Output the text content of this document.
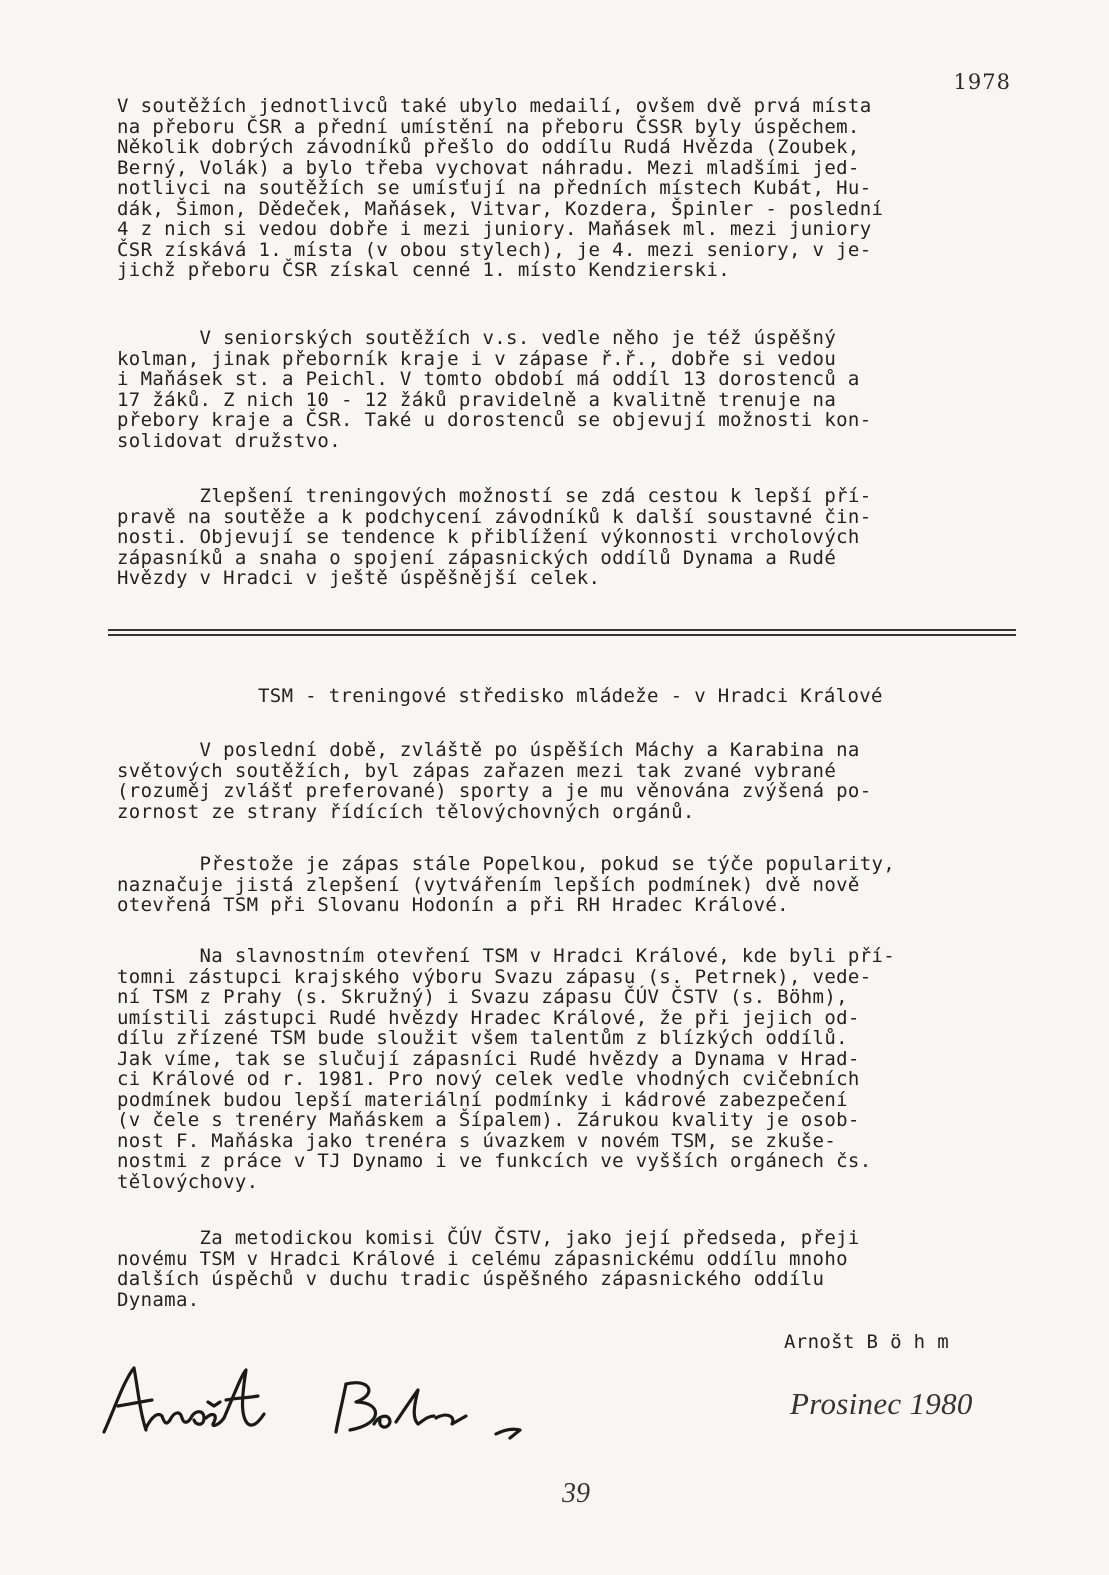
1978
V soutěžích jednotlivců také ubylo medailí, ovšem dvě prvá místa
na přeboru ČSR a přední umístění na přeboru ČSSR byly úspěchem.
Několik dobrých závodníků přešlo do oddílu Rudá Hvězda (Zoubek,
Berný, Volák) a bylo třeba vychovat náhradu. Mezi mladšími jed-
notlivci na soutěžích se umísťují na předních místech Kubát, Hu-
dák, Šimon, Dědeček, Maňásek, Vitvar, Kozdera, Špinler - poslední
4 z nich si vedou dobře i mezi juniory. Maňásek ml. mezi juniory
ČSR získává 1. místa (v obou stylech), je 4. mezi seniory, v je-
jichž přeboru ČSR získal cenné 1. místo Kendzierski.
V seniorských soutěžích v.s. vedle něho je též úspěšný
kolman, jinak přeborník kraje i v zápase ř.ř., dobře si vedou
i Maňásek st. a Peichl. V tomto období má oddíl 13 dorostenců a
17 žáků. Z nich 10 - 12 žáků pravidelně a kvalitně trenuje na
přebory kraje a ČSR. Také u dorostenců se objevují možnosti kon-
solidovat družstvo.
Zlepšení treningových možností se zdá cestou k lepší pří-
pravě na soutěže a k podchycení závodníků k další soustavné čin-
nosti. Objevují se tendence k přiblížení výkonnosti vrcholových
zápasníků a snaha o spojení zápasnických oddílů Dynama a Rudé
Hvězdy v Hradci v ještě úspěšnější celek.
TSM - treningové středisko mládeže - v Hradci Králové
V poslední době, zvláště po úspěších Máchy a Karabina na
světových soutěžích, byl zápas zařazen mezi tak zvané vybrané
(rozuměj zvlášť preferované) sporty a je mu věnována zvýšená po-
zornost ze strany řídících tělovýchovných orgánů.
Přestože je zápas stále Popelkou, pokud se týče popularity,
naznačuje jistá zlepšení (vytvářením lepších podmínek) dvě nově
otevřená TSM při Slovanu Hodonín a při RH Hradec Králové.
Na slavnostním otevření TSM v Hradci Králové, kde byli pří-
tomni zástupci krajského výboru Svazu zápasu (s. Petrnek), vede-
ní TSM z Prahy (s. Skružný) i Svazu zápasu ČÚV ČSTV (s. Böhm),
umístili zástupci Rudé hvězdy Hradec Králové, že při jejich od-
dílu zřízené TSM bude sloužit všem talentům z blízkých oddílů.
Jak víme, tak se slučují zápasníci Rudé hvězdy a Dynama v Hrad-
ci Králové od r. 1981. Pro nový celek vedle vhodných cvičebních
podmínek budou lepší materiální podmínky i kádrové zabezpečení
(v čele s trenéry Maňáskem a Šípalem). Zárukou kvality je osob-
nost F. Maňáska jako trenéra s úvazkem v novém TSM, se zkuše-
nostmi z práce v TJ Dynamo i ve funkcích ve vyšších orgánech čs.
tělovýchovy.
Za metodickou komisi ČÚV ČSTV, jako její předseda, přeji
novému TSM v Hradci Králové i celému zápasnickému oddílu mnoho
dalších úspěchů v duchu tradic úspěšného zápasnického oddílu
Dynama.
Arnošt B ö h m
Prosinec 1980
39
